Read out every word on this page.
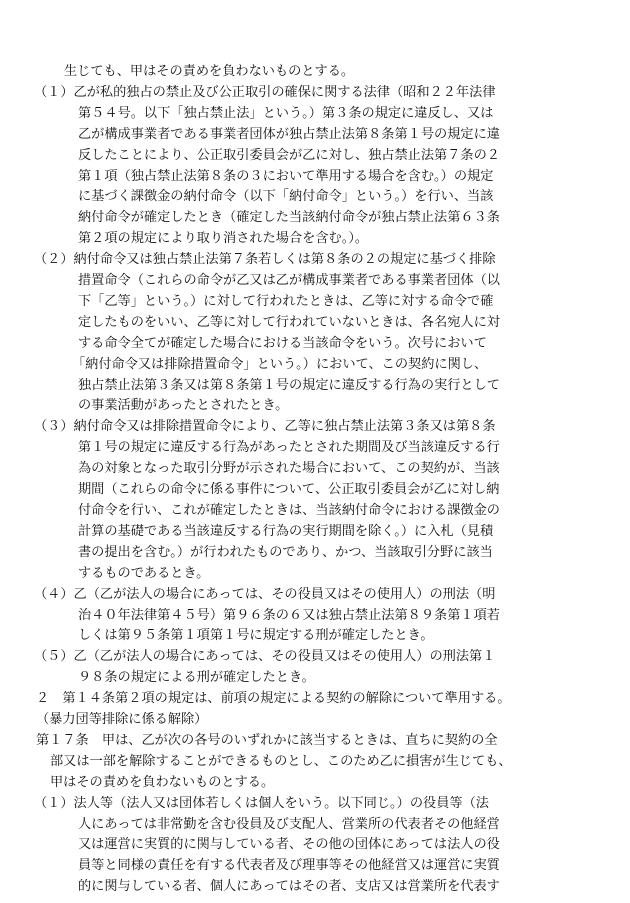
生じても、甲はその責めを負わないものとする。

（１）乙が私的独占の禁止及び公正取引の確保に関する法律（昭和２２年法律

第５４号。以下「独占禁止法」という。）第３条の規定に違反し、又は

乙が構成事業者である事業者団体が独占禁止法第８条第１号の規定に違

反したことにより、公正取引委員会が乙に対し、独占禁止法第７条の２

第１項（独占禁止法第８条の３において準用する場合を含む。）の規定

に基づく課徴金の納付命令（以下「納付命令」という。）を行い、当該

納付命令が確定したとき（確定した当該納付命令が独占禁止法第６３条

第２項の規定により取り消された場合を含む。）。

（２）納付命令又は独占禁止法第７条若しくは第８条の２の規定に基づく排除

措置命令（これらの命令が乙又は乙が構成事業者である事業者団体（以

下「乙等」という。）に対して行われたときは、乙等に対する命令で確

定したものをいい、乙等に対して行われていないときは、各名宛人に対

する命令全てが確定した場合における当該命令をいう。次号において

「納付命令又は排除措置命令」という。）において、この契約に関し、

独占禁止法第３条又は第８条第１号の規定に違反する行為の実行として

の事業活動があったとされたとき。

（３）納付命令又は排除措置命令により、乙等に独占禁止法第３条又は第８条

第１号の規定に違反する行為があったとされた期間及び当該違反する行

為の対象となった取引分野が示された場合において、この契約が、当該

期間（これらの命令に係る事件について、公正取引委員会が乙に対し納

付命令を行い、これが確定したときは、当該納付命令における課徴金の

計算の基礎である当該違反する行為の実行期間を除く。）に入札（見積

書の提出を含む。）が行われたものであり、かつ、当該取引分野に該当

するものであるとき。

（４）乙（乙が法人の場合にあっては、その役員又はその使用人）の刑法（明

治４０年法律第４５号）第９６条の６又は独占禁止法第８９条第１項若

しくは第９５条第１項第１号に規定する刑が確定したとき。

（５）乙（乙が法人の場合にあっては、その役員又はその使用人）の刑法第１

９８条の規定による刑が確定したとき。

２　第１４条第２項の規定は、前項の規定による契約の解除について準用する。

（暴力団等排除に係る解除）

第１７条　甲は、乙が次の各号のいずれかに該当するときは、直ちに契約の全

部又は一部を解除することができるものとし、このため乙に損害が生じても、

甲はその責めを負わないものとする。

（１）法人等（法人又は団体若しくは個人をいう。以下同じ。）の役員等（法

人にあっては非常勤を含む役員及び支配人、営業所の代表者その他経営

又は運営に実質的に関与している者、その他の団体にあっては法人の役

員等と同様の責任を有する代表者及び理事等その他経営又は運営に実質

的に関与している者、個人にあってはその者、支店又は営業所を代表す
